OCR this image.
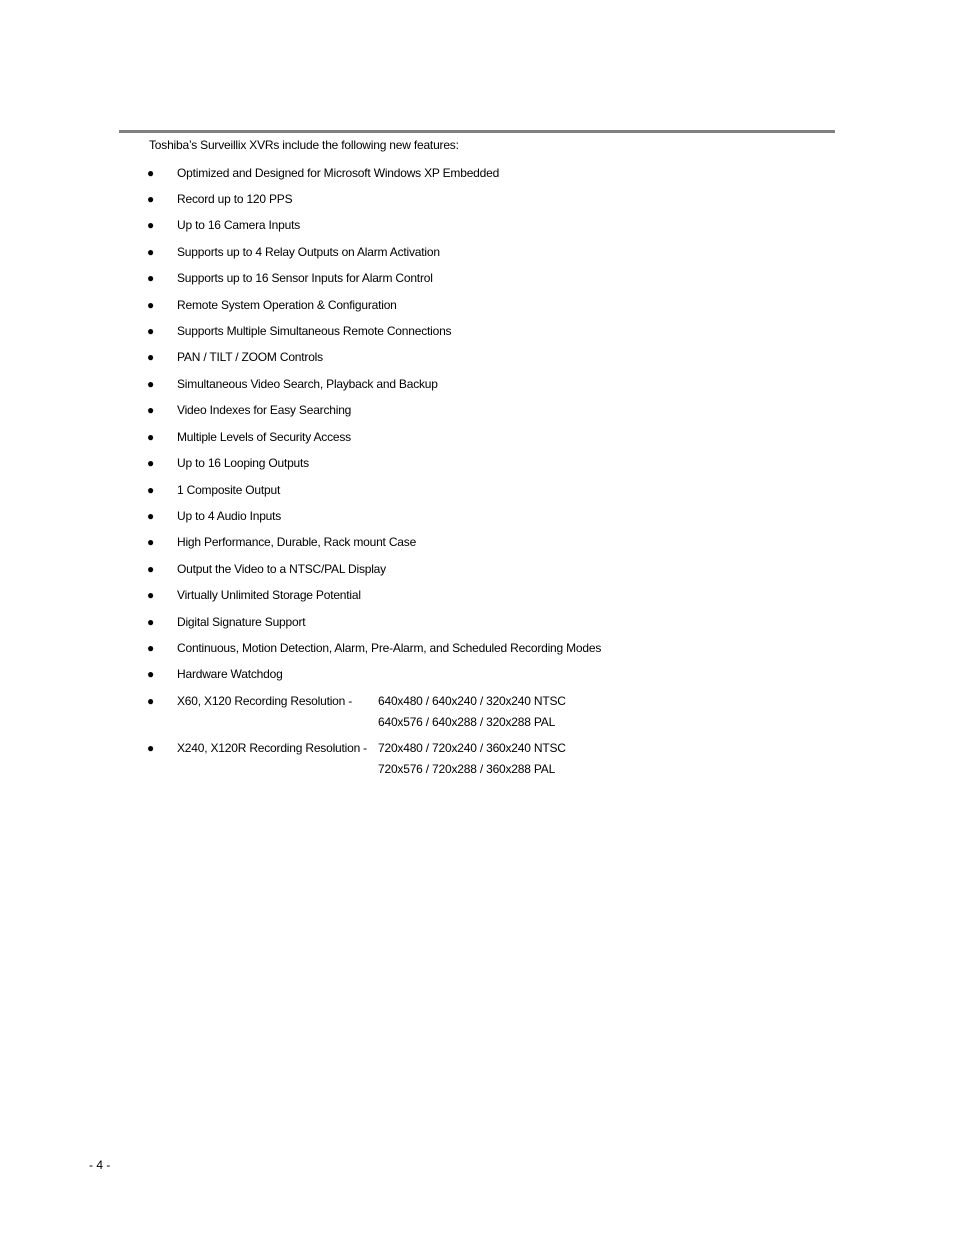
Toshiba’s Surveillix XVRs include the following new features:
● Optimized and Designed for Microsoft Windows XP Embedded
● Record up to 120 PPS
● Up to 16 Camera Inputs
● Supports up to 4 Relay Outputs on Alarm Activation
● Supports up to 16 Sensor Inputs for Alarm Control
● Remote System Operation & Configuration
● Supports Multiple Simultaneous Remote Connections
● PAN / TILT / ZOOM Controls
● Simultaneous Video Search, Playback and Backup
● Video Indexes for Easy Searching
● Multiple Levels of Security Access
● Up to 16 Looping Outputs
● 1 Composite Output
● Up to 4 Audio Inputs
● High Performance, Durable, Rack mount Case
● Output the Video to a NTSC/PAL Display
● Virtually Unlimited Storage Potential
● Digital Signature Support
● Continuous, Motion Detection, Alarm, Pre-Alarm, and Scheduled Recording Modes
● Hardware Watchdog
● X60, X120 Recording Resolution - 640x480 / 640x240 / 320x240 NTSC
640x576 / 640x288 / 320x288 PAL
● X240, X120R Recording Resolution - 720x480 / 720x240 / 360x240 NTSC
720x576 / 720x288 / 360x288 PAL
- 4 -
